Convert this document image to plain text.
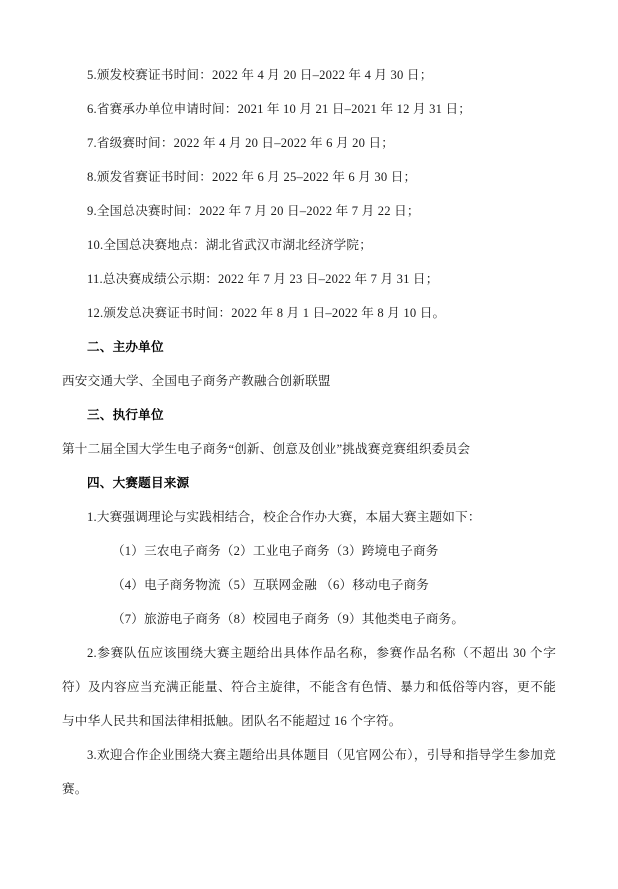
5.颁发校赛证书时间：2022 年 4 月 20 日–2022 年 4 月 30 日；

6.省赛承办单位申请时间：2021 年 10 月 21 日–2021 年 12 月 31 日；

7.省级赛时间：2022 年 4 月 20 日–2022 年 6 月 20 日；

8.颁发省赛证书时间：2022 年 6 月 25–2022 年 6 月 30 日；

9.全国总决赛时间：2022 年 7 月 20 日–2022 年 7 月 22 日；

10.全国总决赛地点：湖北省武汉市湖北经济学院；

11.总决赛成绩公示期：2022 年 7 月 23 日–2022 年 7 月 31 日；

12.颁发总决赛证书时间：2022 年 8 月 1 日–2022 年 8 月 10 日。

二、主办单位

西安交通大学、全国电子商务产教融合创新联盟

三、执行单位

第十二届全国大学生电子商务“创新、创意及创业”挑战赛竞赛组织委员会

四、大赛题目来源

1.大赛强调理论与实践相结合，校企合作办大赛，本届大赛主题如下：

（1）三农电子商务（2）工业电子商务（3）跨境电子商务

（4）电子商务物流（5）互联网金融 （6）移动电子商务

（7）旅游电子商务（8）校园电子商务（9）其他类电子商务。

2.参赛队伍应该围绕大赛主题给出具体作品名称，参赛作品名称（不超出 30 个字符）及内容应当充满正能量、符合主旋律，不能含有色情、暴力和低俗等内容，更不能与中华人民共和国法律相抵触。团队名不能超过 16 个字符。

3.欢迎合作企业围绕大赛主题给出具体题目（见官网公布），引导和指导学生参加竞赛。
